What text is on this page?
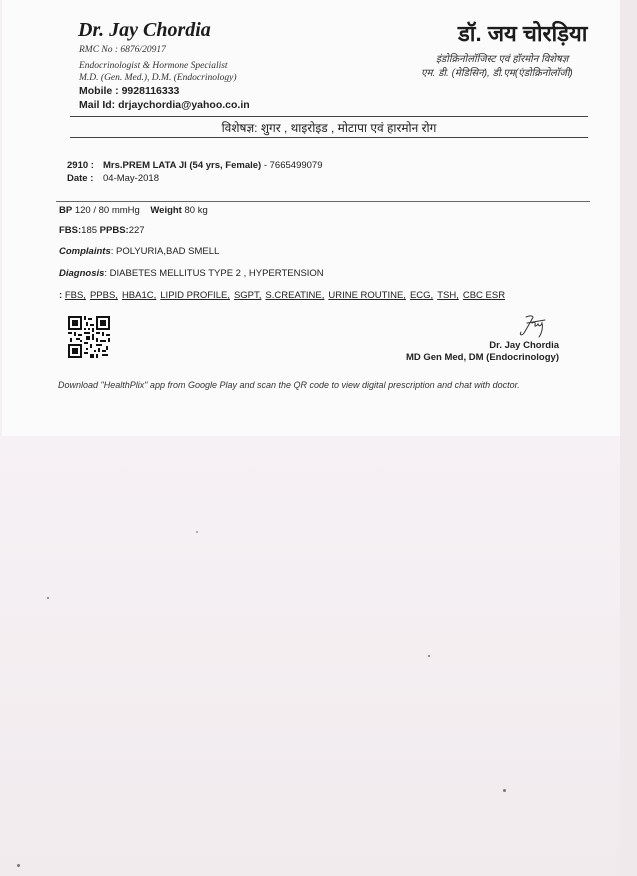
Dr. Jay Chordia
RMC No : 6876/20917
Endocrinologist & Hormone Specialist
M.D. (Gen. Med.), D.M. (Endocrinology)
Mobile : 9928116333
Mail Id: drjaychordia@yahoo.co.in
डॉ. जय चोरड़िया
इंडोक्रिनोलॉजिस्ट एवं हॉरमोन विशेषज्ञ
एम. डी. (मेडिसिन), डी.एम(एंडोक्रिनोलॉजी)
विशेषज्ञ: शुगर , थाइरोइड , मोटापा एवं हारमोन रोग
2910 : Mrs.PREM LATA JI (54 yrs, Female) - 7665499079
Date : 04-May-2018
BP 120 / 80 mmHg Weight 80 kg
FBS:185 PPBS:227
Complaints: POLYURIA,BAD SMELL
Diagnosis: DIABETES MELLITUS TYPE 2 , HYPERTENSION
: FBS, PPBS, HBA1C, LIPID PROFILE, SGPT, S.CREATINE, URINE ROUTINE, ECG, TSH, CBC ESR
Dr. Jay Chordia
MD Gen Med, DM (Endocrinology)
Download "HealthPlix" app from Google Play and scan the QR code to view digital prescription and chat with doctor.
